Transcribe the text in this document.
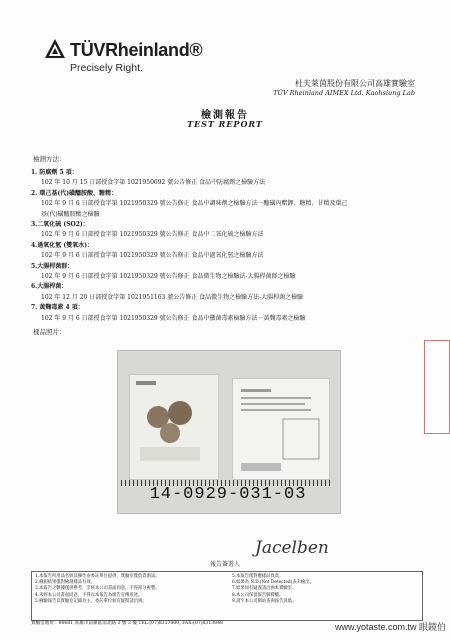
TÜVRheinland®
Precisely Right.
杜夫萊茵股份有限公司高雄實驗室
TÜV Rheinland AIMEX Ltd. Kaohsiung Lab
檢測報告
TEST REPORT
檢測方法：
1. 防腐劑 5 項：
102 年 10 月 15 日部授食字第 1021950692 號公告修正 食品中防腐劑之檢驗方法
2. 環己基(代)磺醯胺酸、糖精：
102 年 9 月 6 日部授食字第 1021950329 號公告修正 食品中調味劑之檢驗方法－醯磺內酯鉀、糖精、甘精及環己
基(代)磺醯胺酸之檢驗
3.二氧化硫 (SO2)：
102 年 9 月 6 日部授食字第 1021950329 號公告修正 食品中二氧化硫之檢驗方法
4.過氧化氫 (雙氧水)：
102 年 9 月 6 日部授食字第 1021950329 號公告修正 食品中過氧化氫之檢驗方法
5.大腸桿菌群：
102 年 9 月 6 日部授食字第 1021950329 號公告修正 食品微生物之檢驗法-大腸桿菌群之檢驗
6.大腸桿菌：
102 年 12 月 20 日部授食字第 1021951163 號公告修正 食品微生物之檢驗方法-大腸桿菌之檢驗
7. 黃麴毒素 4 項：
102 年 9 月 6 日部授食字第 1021950329 號公告修正 食品中黴菌毒素檢驗方法－黃麴毒素之檢驗
樣品照片：
14-0929-031-03
Jacelben
報告簽署人
1.本報告所用品名與其操作由委託單位提供，實驗室僅負責測試。
2.檢測結果僅對檢測樣品有效。
3.本報告之數據僅供參考，非經本公司書面同意，不得部分複製。
4.未經本公司書面同意，不得以本報告為廣告宣傳用途。
5.檢驗報告以實驗室記錄為主，委託單位如有疑問請洽詢。
5.本報告僅對應樣品負責。
6.結果為 N.D.(Not Detected)表未檢出。
7.結果如有疑義請洽詢本實驗室。
8.本公司保留報告解釋權。
9.請至本公司網站查詢報告真偽。
實驗室地址：80681 高雄市前鎮區南北路 3 號 3 樓 TEL:(07)8317000, FAX:(07)8313848	www.yotaste.com.tw 眼鏡伯
